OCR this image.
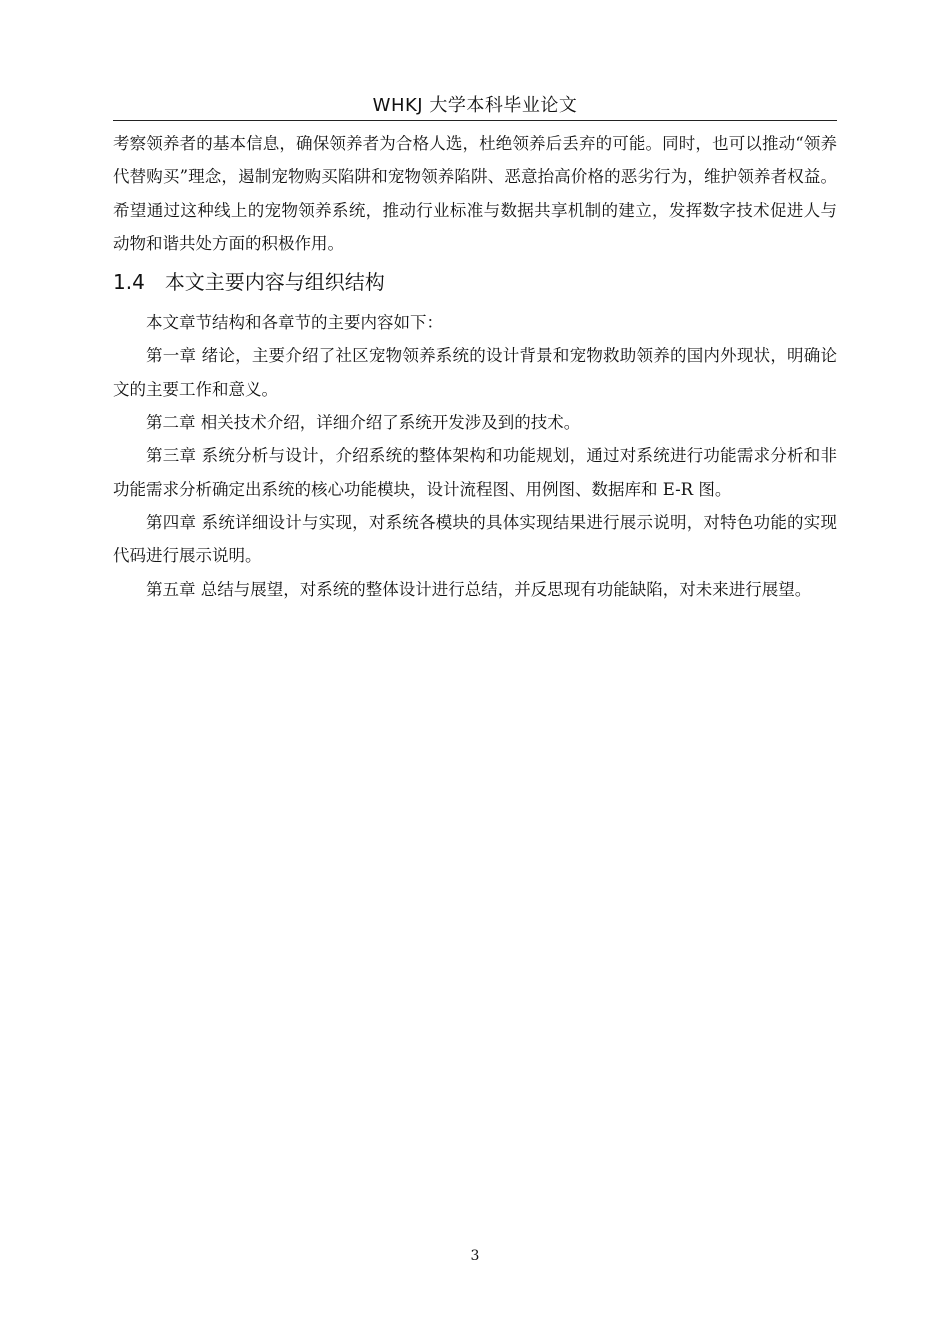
WHKJ 大学本科毕业论文

考察领养者的基本信息，确保领养者为合格人选，杜绝领养后丢弃的可能。同时，也可以推动“领养代替购买”理念，遏制宠物购买陷阱和宠物领养陷阱、恶意抬高价格的恶劣行为，维护领养者权益。希望通过这种线上的宠物领养系统，推动行业标准与数据共享机制的建立，发挥数字技术促进人与动物和谐共处方面的积极作用。

1.4 本文主要内容与组织结构

本文章节结构和各章节的主要内容如下：

第一章 绪论，主要介绍了社区宠物领养系统的设计背景和宠物救助领养的国内外现状，明确论文的主要工作和意义。

第二章 相关技术介绍，详细介绍了系统开发涉及到的技术。

第三章 系统分析与设计，介绍系统的整体架构和功能规划，通过对系统进行功能需求分析和非功能需求分析确定出系统的核心功能模块，设计流程图、用例图、数据库和 E-R 图。

第四章 系统详细设计与实现，对系统各模块的具体实现结果进行展示说明，对特色功能的实现代码进行展示说明。

第五章 总结与展望，对系统的整体设计进行总结，并反思现有功能缺陷，对未来进行展望。

3
